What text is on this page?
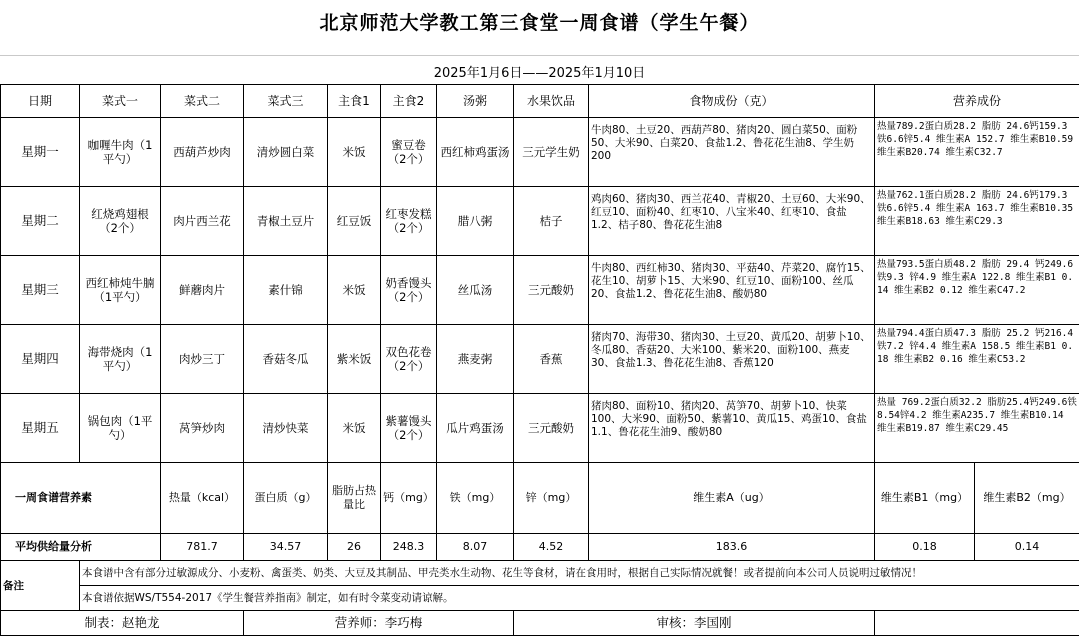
北京师范大学教工第三食堂一周食谱（学生午餐）
2025年1月6日——2025年1月10日
日期	菜式一	菜式二	菜式三	主食1	主食2	汤粥	水果饮品	食物成份（克）	营养成份		
星期一	咖喱牛肉（1平勺）	西葫芦炒肉	清炒圆白菜	米饭	蜜豆卷（2个）	西红柿鸡蛋汤	三元学生奶	牛肉80、土豆20、西葫芦80、猪肉20、圆白菜50、面粉50、大米90、白菜20、食盐1.2、鲁花花生油8、学生奶200	热量789.2蛋白质28.2 脂肪 24.6钙159.3 铁6.6锌5.4 维生素A 152.7 维生素B10.59 维生素B20.74 维生素C32.7		
星期二	红烧鸡翅根（2个）	肉片西兰花	青椒土豆片	红豆饭	红枣发糕（2个）	腊八粥	桔子	鸡肉60、猪肉30、西兰花40、青椒20、土豆60、大米90、红豆10、面粉40、红枣10、八宝米40、红枣10、食盐1.2、桔子80、鲁花花生油8	热量762.1蛋白质28.2 脂肪 24.6钙179.3 铁6.6锌5.4 维生素A 163.7 维生素B10.35 维生素B18.63 维生素C29.3		
星期三	西红柿炖牛腩（1平勺）	鲜蘑肉片	素什锦	米饭	奶香馒头（2个）	丝瓜汤	三元酸奶	牛肉80、西红柿30、猪肉30、平菇40、芹菜20、腐竹15、花生10、胡萝卜15、大米90、红豆10、面粉100、丝瓜20、食盐1.2、鲁花花生油8、酸奶80	热量793.5蛋白质48.2 脂肪 29.4 钙249.6 铁9.3 锌4.9 维生素A 122.8 维生素B1 0.14 维生素B2 0.12 维生素C47.2		
星期四	海带烧肉（1平勺）	肉炒三丁	香菇冬瓜	紫米饭	双色花卷（2个）	燕麦粥	香蕉	猪肉70、海带30、猪肉30、土豆20、黄瓜20、胡萝卜10、冬瓜80、香菇20、大米100、紫米20、面粉100、燕麦30、食盐1.3、鲁花花生油8、香蕉120	热量794.4蛋白质47.3 脂肪 25.2 钙216.4 铁7.2 锌4.4 维生素A 158.5 维生素B1 0.18 维生素B2 0.16 维生素C53.2		
星期五	锅包肉（1平勺）	莴笋炒肉	清炒快菜	米饭	紫薯馒头（2个）	瓜片鸡蛋汤	三元酸奶	猪肉80、面粉10、猪肉20、莴笋70、胡萝卜10、快菜100、大米90、面粉50、紫薯10、黄瓜15、鸡蛋10、食盐1.1、鲁花花生油9、酸奶80	热量 769.2蛋白质32.2 脂肪25.4钙249.6铁8.54锌4.2 维生素A235.7 维生素B10.14 维生素B19.87 维生素C29.45		
一周食谱营养素		热量（kcal）	蛋白质（g）	脂肪占热量比	钙（mg）	铁（mg）	锌（mg）	维生素A（ug）	维生素B1（mg）	维生素B2（mg）	
平均供给量分析		781.7	34.57	26	248.3	8.07	4.52	183.6	0.18	0.14	
备注	本食谱中含有部分过敏源成分、小麦粉、禽蛋类、奶类、大豆及其制品、甲壳类水生动物、花生等食材，请在食用时，根据自己实际情况就餐！或者提前向本公司人员说明过敏情况！										
	本食谱依据WS/T554-2017《学生餐营养指南》制定，如有时令菜变动请谅解。										
制表：赵艳龙			营养师：李巧梅				审核：李国刚				
